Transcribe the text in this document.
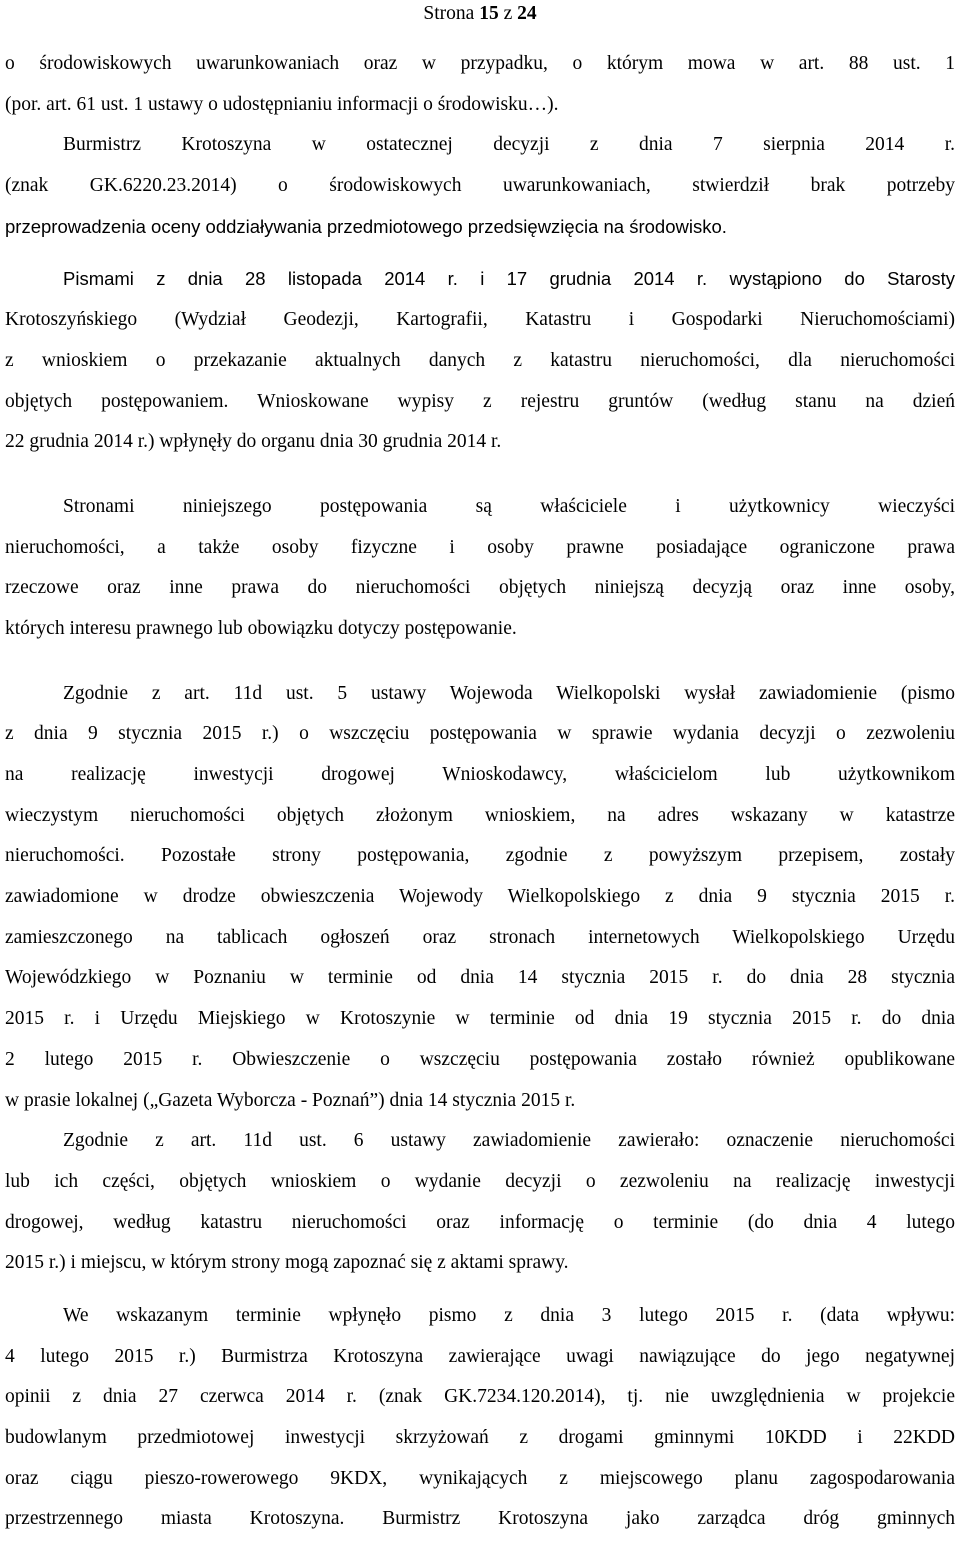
Strona 15 z 24
o środowiskowych uwarunkowaniach oraz w przypadku, o którym mowa w art. 88 ust. 1
(por. art. 61 ust. 1 ustawy o udostępnianiu informacji o środowisku…).
Burmistrz Krotoszyna w ostatecznej decyzji z dnia 7 sierpnia 2014 r.
(znak GK.6220.23.2014) o środowiskowych uwarunkowaniach, stwierdził brak potrzeby
przeprowadzenia oceny oddziaływania przedmiotowego przedsięwzięcia na środowisko.
Pismami z dnia 28 listopada 2014 r. i 17 grudnia 2014 r. wystąpiono do Starosty
Krotoszyńskiego (Wydział Geodezji, Kartografii, Katastru i Gospodarki Nieruchomościami)
z wnioskiem o przekazanie aktualnych danych z katastru nieruchomości, dla nieruchomości
objętych postępowaniem. Wnioskowane wypisy z rejestru gruntów (według stanu na dzień
22 grudnia 2014 r.) wpłynęły do organu dnia 30 grudnia 2014 r.
Stronami niniejszego postępowania są właściciele i użytkownicy wieczyści
nieruchomości, a także osoby fizyczne i osoby prawne posiadające ograniczone prawa
rzeczowe oraz inne prawa do nieruchomości objętych niniejszą decyzją oraz inne osoby,
których interesu prawnego lub obowiązku dotyczy postępowanie.
Zgodnie z art. 11d ust. 5 ustawy Wojewoda Wielkopolski wysłał zawiadomienie (pismo
z dnia 9 stycznia 2015 r.) o wszczęciu postępowania w sprawie wydania decyzji o zezwoleniu
na realizację inwestycji drogowej Wnioskodawcy, właścicielom lub użytkownikom
wieczystym nieruchomości objętych złożonym wnioskiem, na adres wskazany w katastrze
nieruchomości. Pozostałe strony postępowania, zgodnie z powyższym przepisem, zostały
zawiadomione w drodze obwieszczenia Wojewody Wielkopolskiego z dnia 9 stycznia 2015 r.
zamieszczonego na tablicach ogłoszeń oraz stronach internetowych Wielkopolskiego Urzędu
Wojewódzkiego w Poznaniu w terminie od dnia 14 stycznia 2015 r. do dnia 28 stycznia
2015 r. i Urzędu Miejskiego w Krotoszynie w terminie od dnia 19 stycznia 2015 r. do dnia
2 lutego 2015 r. Obwieszczenie o wszczęciu postępowania zostało również opublikowane
w prasie lokalnej („Gazeta Wyborcza - Poznań”) dnia 14 stycznia 2015 r.
Zgodnie z art. 11d ust. 6 ustawy zawiadomienie zawierało: oznaczenie nieruchomości
lub ich części, objętych wnioskiem o wydanie decyzji o zezwoleniu na realizację inwestycji
drogowej, według katastru nieruchomości oraz informację o terminie (do dnia 4 lutego
2015 r.) i miejscu, w którym strony mogą zapoznać się z aktami sprawy.
We wskazanym terminie wpłynęło pismo z dnia 3 lutego 2015 r. (data wpływu:
4 lutego 2015 r.) Burmistrza Krotoszyna zawierające uwagi nawiązujące do jego negatywnej
opinii z dnia 27 czerwca 2014 r. (znak GK.7234.120.2014), tj. nie uwzględnienia w projekcie
budowlanym przedmiotowej inwestycji skrzyżowań z drogami gminnymi 10KDD i 22KDD
oraz ciągu pieszo-rowerowego 9KDX, wynikających z miejscowego planu zagospodarowania
przestrzennego miasta Krotoszyna. Burmistrz Krotoszyna jako zarządca dróg gminnych
